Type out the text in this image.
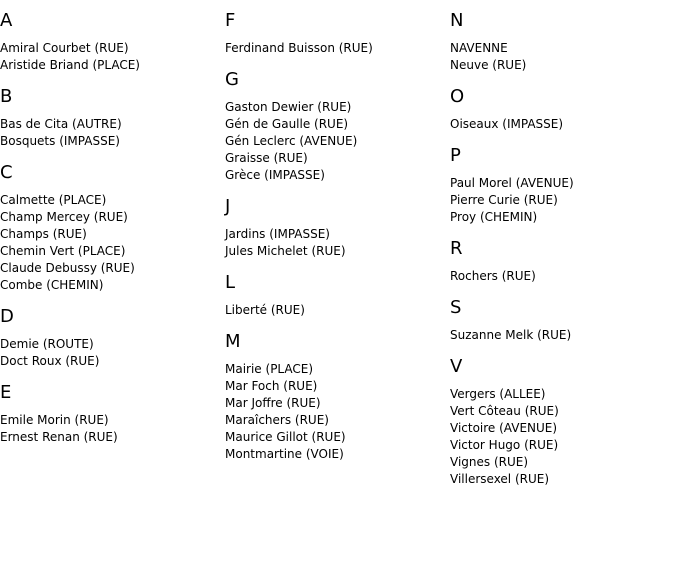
A
Amiral Courbet (RUE)
Aristide Briand (PLACE)
B
Bas de Cita (AUTRE)
Bosquets (IMPASSE)
C
Calmette (PLACE)
Champ Mercey (RUE)
Champs (RUE)
Chemin Vert (PLACE)
Claude Debussy (RUE)
Combe (CHEMIN)
D
Demie (ROUTE)
Doct Roux (RUE)
E
Emile Morin (RUE)
Ernest Renan (RUE)
F
Ferdinand Buisson (RUE)
G
Gaston Dewier (RUE)
Gén de Gaulle (RUE)
Gén Leclerc (AVENUE)
Graisse (RUE)
Grèce (IMPASSE)
J
Jardins (IMPASSE)
Jules Michelet (RUE)
L
Liberté (RUE)
M
Mairie (PLACE)
Mar Foch (RUE)
Mar Joffre (RUE)
Maraîchers (RUE)
Maurice Gillot (RUE)
Montmartine (VOIE)
N
NAVENNE
Neuve (RUE)
O
Oiseaux (IMPASSE)
P
Paul Morel (AVENUE)
Pierre Curie (RUE)
Proy (CHEMIN)
R
Rochers (RUE)
S
Suzanne Melk (RUE)
V
Vergers (ALLEE)
Vert Côteau (RUE)
Victoire (AVENUE)
Victor Hugo (RUE)
Vignes (RUE)
Villersexel (RUE)
